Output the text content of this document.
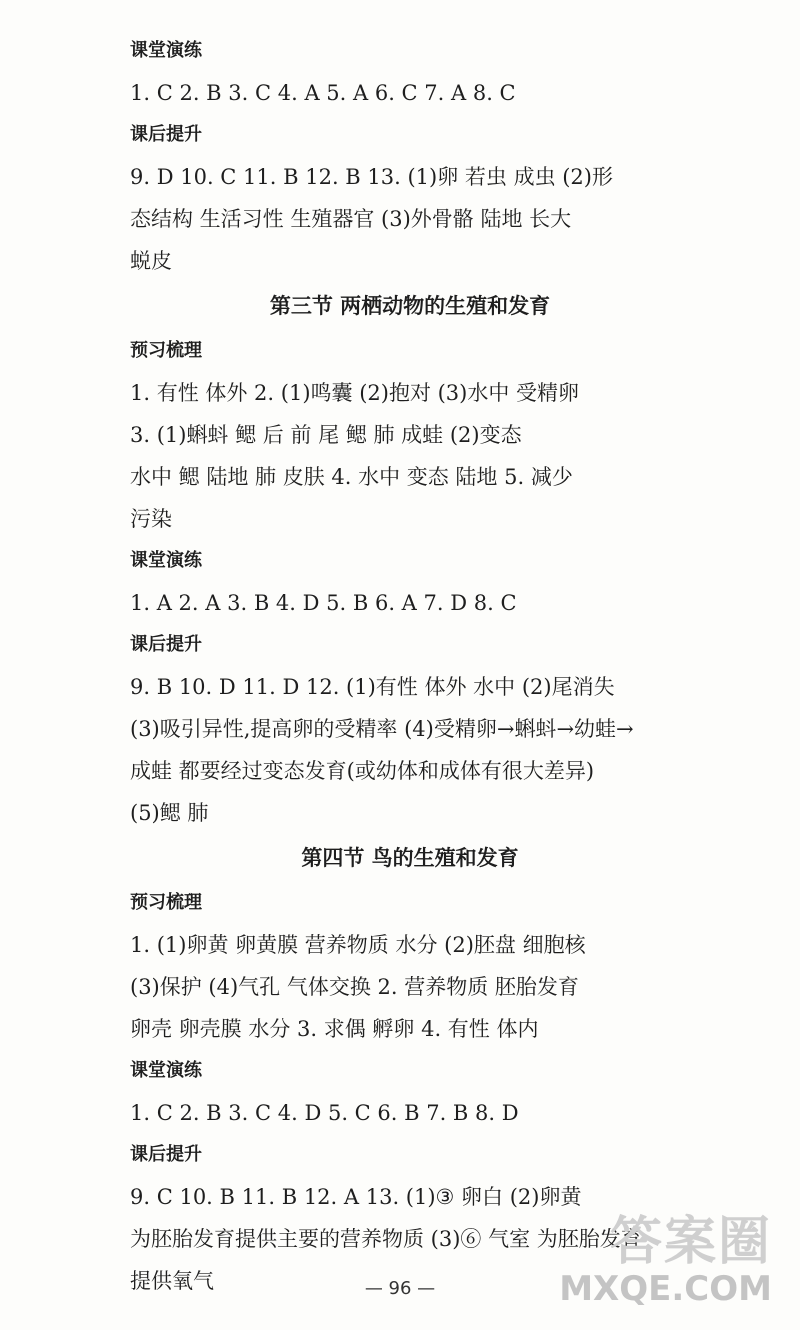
课堂演练
1. C 2. B 3. C 4. A 5. A 6. C 7. A 8. C
课后提升
9. D 10. C 11. B 12. B 13. (1)卵 若虫 成虫 (2)形
态结构 生活习性 生殖器官 (3)外骨骼 陆地 长大
蜕皮
第三节 两栖动物的生殖和发育
预习梳理
1. 有性 体外 2. (1)鸣囊 (2)抱对 (3)水中 受精卵
3. (1)蝌蚪 鳃 后 前 尾 鳃 肺 成蛙 (2)变态
水中 鳃 陆地 肺 皮肤 4. 水中 变态 陆地 5. 减少
污染
课堂演练
1. A 2. A 3. B 4. D 5. B 6. A 7. D 8. C
课后提升
9. B 10. D 11. D 12. (1)有性 体外 水中 (2)尾消失
(3)吸引异性,提高卵的受精率 (4)受精卵→蝌蚪→幼蛙→
成蛙 都要经过变态发育(或幼体和成体有很大差异)
(5)鳃 肺
第四节 鸟的生殖和发育
预习梳理
1. (1)卵黄 卵黄膜 营养物质 水分 (2)胚盘 细胞核
(3)保护 (4)气孔 气体交换 2. 营养物质 胚胎发育
卵壳 卵壳膜 水分 3. 求偶 孵卵 4. 有性 体内
课堂演练
1. C 2. B 3. C 4. D 5. C 6. B 7. B 8. D
课后提升
9. C 10. B 11. B 12. A 13. (1)③ 卵白 (2)卵黄
为胚胎发育提供主要的营养物质 (3)⑥ 气室 为胚胎发育
提供氧气	— 96 —
答案圈
MXQE.COM
